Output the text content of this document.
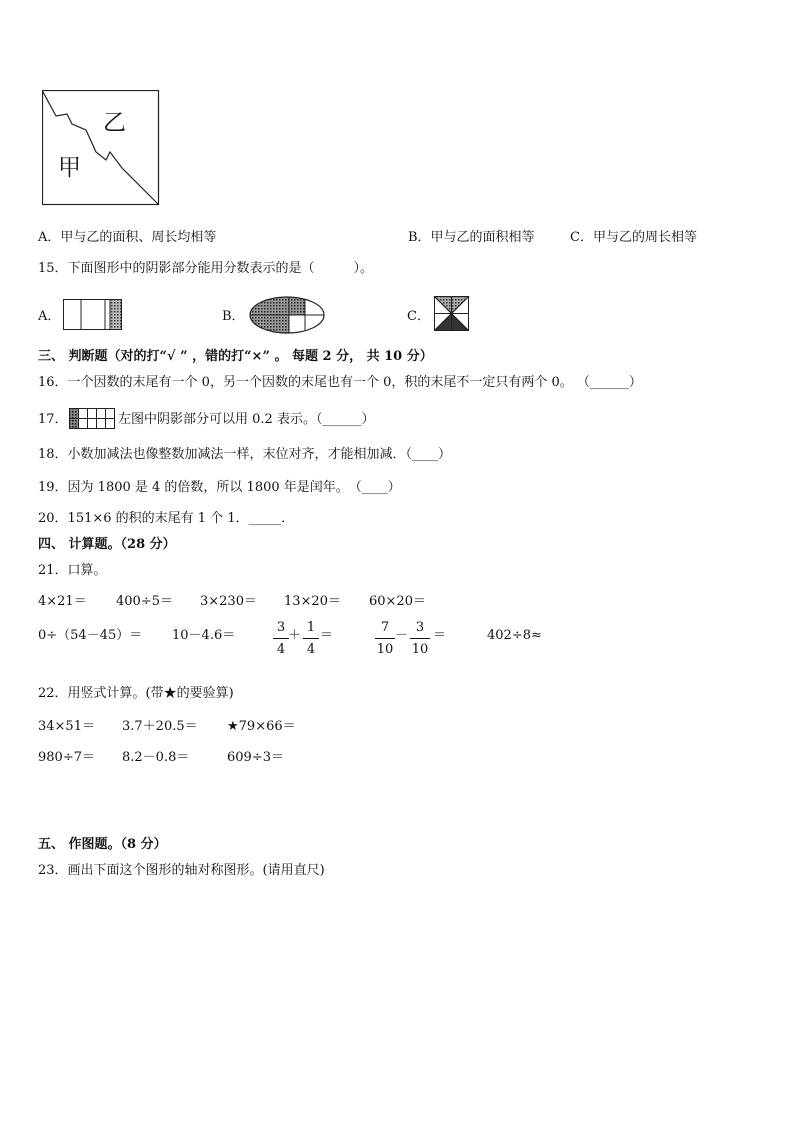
乙
甲
A．甲与乙的面积、周长均相等	B．甲与乙的面积相等	C．甲与乙的周长相等
15．下面图形中的阴影部分能用分数表示的是（　　　）。
A．	B．	C．
三、 判断题（对的打“√ ” ，错的打“×” 。 每题 2 分， 共 10 分）
16．一个因数的末尾有一个 0，另一个因数的末尾也有一个 0，积的末尾不一定只有两个 0。 （______）
17．	左图中阴影部分可以用 0.2 表示。（______）
18．小数加减法也像整数加减法一样，末位对齐，才能相加减．（____）
19．因为 1800 是 4 的倍数，所以 1800 年是闰年。　（____）
20．151×6 的积的末尾有 1 个 1．_____．
四、 计算题。（28 分）
21．口算。
4×21＝ 400÷5＝ 3×230＝ 13×20＝ 60×20＝
0÷（54－45）＝ 10－4.6＝	$\frac{3}{4} + \frac{1}{4}$ ＝	$\frac{7}{10} - \frac{3}{10}$ ＝	402÷8≈
22．用竖式计算。(带★的要验算)
34×51＝ 3.7＋20.5＝ ★79×66＝
980÷7＝ 8.2－0.8＝	609÷3＝
五、 作图题。（8 分）
23．画出下面这个图形的轴对称图形。(请用直尺)
